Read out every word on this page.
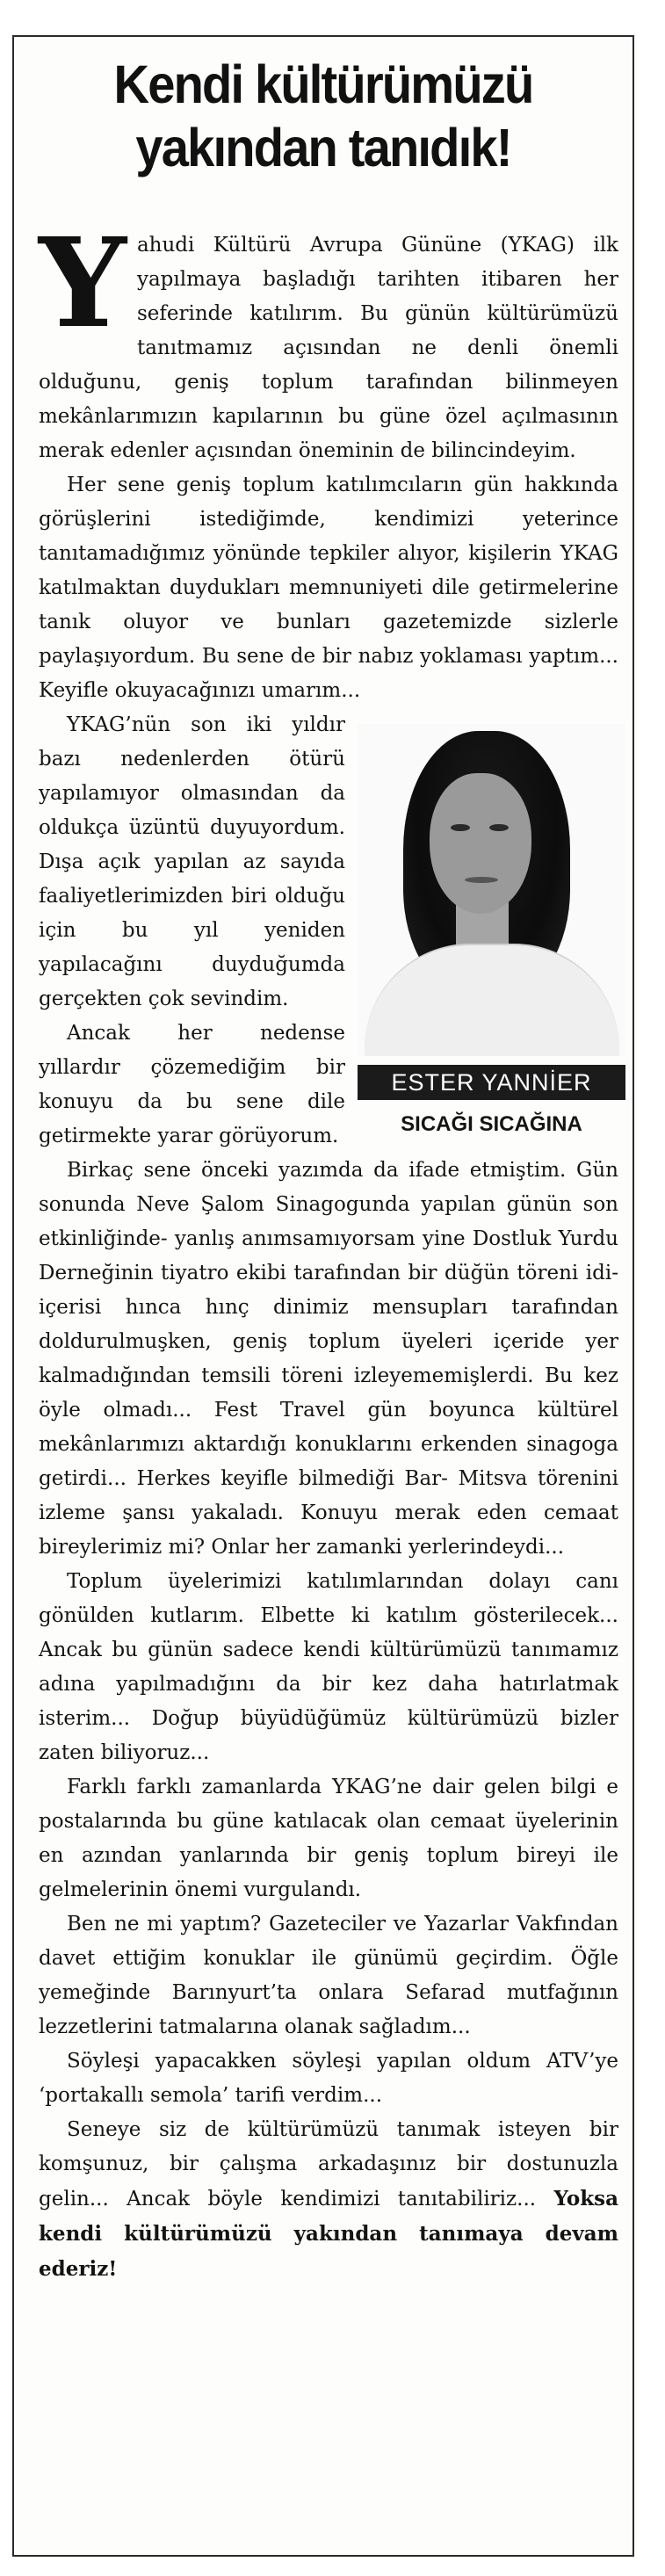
Kendi kültürümüzü yakından tanıdık!

Yahudi Kültürü Avrupa Gününe (YKAG) ilk yapılmaya başladığı tarihten itibaren her seferinde katılırım. Bu günün kültürümüzü tanıtmamız açısından ne denli önemli olduğunu, geniş toplum tarafından bilinmeyen mekânlarımızın kapılarının bu güne özel açılmasının merak edenler açısından öneminin de bilincindeyim.

Her sene geniş toplum katılımcıların gün hakkında görüşlerini istediğimde, kendimizi yeterince tanıtamadığımız yönünde tepkiler alıyor, kişilerin YKAG katılmaktan duydukları memnuniyeti dile getirmelerine tanık oluyor ve bunları gazetemizde sizlerle paylaşıyordum. Bu sene de bir nabız yoklaması yaptım... Keyifle okuyacağınızı umarım...

ESTER YANNİER
SICAĞI SICAĞINA

YKAG’nün son iki yıldır bazı nedenlerden ötürü yapılamıyor olmasından da oldukça üzüntü duyuyordum. Dışa açık yapılan az sayıda faaliyetlerimizden biri olduğu için bu yıl yeniden yapılacağını duyduğumda gerçekten çok sevindim.

Ancak her nedense yıllardır çözemediğim bir konuyu da bu sene dile getirmekte yarar görüyorum.

Birkaç sene önceki yazımda da ifade etmiştim. Gün sonunda Neve Şalom Sinagogunda yapılan günün son etkinliğinde- yanlış anımsamıyorsam yine Dostluk Yurdu Derneğinin tiyatro ekibi tarafından bir düğün töreni idi- içerisi hınca hınç dinimiz mensupları tarafından doldurulmuşken, geniş toplum üyeleri içeride yer kalmadığından temsili töreni izleyememişlerdi. Bu kez öyle olmadı... Fest Travel gün boyunca kültürel mekânlarımızı aktardığı konuklarını erkenden sinagoga getirdi... Herkes keyifle bilmediği Bar- Mitsva törenini izleme şansı yakaladı. Konuyu merak eden cemaat bireylerimiz mi? Onlar her zamanki yerlerindeydi...

Toplum üyelerimizi katılımlarından dolayı canı gönülden kutlarım. Elbette ki katılım gösterilecek... Ancak bu günün sadece kendi kültürümüzü tanımamız adına yapılmadığını da bir kez daha hatırlatmak isterim... Doğup büyüdüğümüz kültürümüzü bizler zaten biliyoruz...

Farklı farklı zamanlarda YKAG’ne dair gelen bilgi e postalarında bu güne katılacak olan cemaat üyelerinin en azından yanlarında bir geniş toplum bireyi ile gelmelerinin önemi vurgulandı.

Ben ne mi yaptım? Gazeteciler ve Yazarlar Vakfından davet ettiğim konuklar ile günümü geçirdim. Öğle yemeğinde Barınyurt’ta onlara Sefarad mutfağının lezzetlerini tatmalarına olanak sağladım...

Söyleşi yapacakken söyleşi yapılan oldum ATV’ye ‘portakallı semola’ tarifi verdim...

Seneye siz de kültürümüzü tanımak isteyen bir komşunuz, bir çalışma arkadaşınız bir dostunuzla gelin... Ancak böyle kendimizi tanıtabiliriz... Yoksa kendi kültürümüzü yakından tanımaya devam ederiz!
